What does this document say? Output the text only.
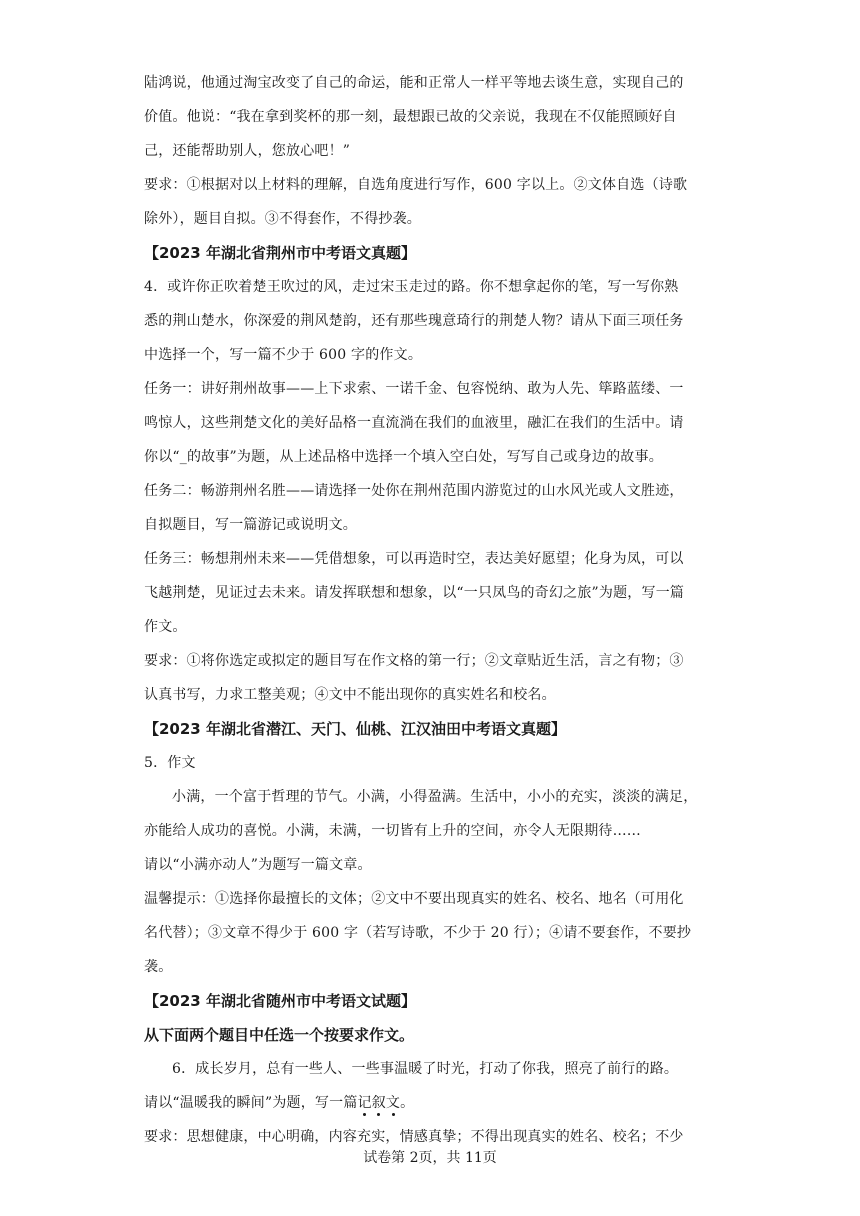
陆鸿说，他通过淘宝改变了自己的命运，能和正常人一样平等地去谈生意，实现自己的
价值。他说：“我在拿到奖杯的那一刻，最想跟已故的父亲说，我现在不仅能照顾好自
己，还能帮助别人，您放心吧！”
要求：①根据对以上材料的理解，自选角度进行写作，600 字以上。②文体自选（诗歌
除外），题目自拟。③不得套作，不得抄袭。
【2023 年湖北省荆州市中考语文真题】
4．或许你正吹着楚王吹过的风，走过宋玉走过的路。你不想拿起你的笔，写一写你熟
悉的荆山楚水，你深爱的荆风楚韵，还有那些瑰意琦行的荆楚人物？请从下面三项任务
中选择一个，写一篇不少于 600 字的作文。
任务一：讲好荆州故事——上下求索、一诺千金、包容悦纳、敢为人先、筚路蓝缕、一
鸣惊人，这些荆楚文化的美好品格一直流淌在我们的血液里，融汇在我们的生活中。请
你以“_的故事”为题，从上述品格中选择一个填入空白处，写写自己或身边的故事。
任务二：畅游荆州名胜——请选择一处你在荆州范围内游览过的山水风光或人文胜迹，
自拟题目，写一篇游记或说明文。
任务三：畅想荆州未来——凭借想象，可以再造时空，表达美好愿望；化身为凤，可以
飞越荆楚，见证过去未来。请发挥联想和想象，以“一只凤鸟的奇幻之旅”为题，写一篇
作文。
要求：①将你选定或拟定的题目写在作文格的第一行；②文章贴近生活，言之有物；③
认真书写，力求工整美观；④文中不能出现你的真实姓名和校名。
【2023 年湖北省潜江、天门、仙桃、江汉油田中考语文真题】
5．作文
小满，一个富于哲理的节气。小满，小得盈满。生活中，小小的充实，淡淡的满足，
亦能给人成功的喜悦。小满，未满，一切皆有上升的空间，亦令人无限期待……
请以“小满亦动人”为题写一篇文章。
温馨提示：①选择你最擅长的文体；②文中不要出现真实的姓名、校名、地名（可用化
名代替）；③文章不得少于 600 字（若写诗歌，不少于 20 行）；④请不要套作，不要抄
袭。
【2023 年湖北省随州市中考语文试题】
从下面两个题目中任选一个按要求作文。
6．成长岁月，总有一些人、一些事温暖了时光，打动了你我，照亮了前行的路。
请以“温暖我的瞬间”为题，写一篇记叙文。
要求：思想健康，中心明确，内容充实，情感真挚；不得出现真实的姓名、校名；不少
试卷第 2页，共 11页
